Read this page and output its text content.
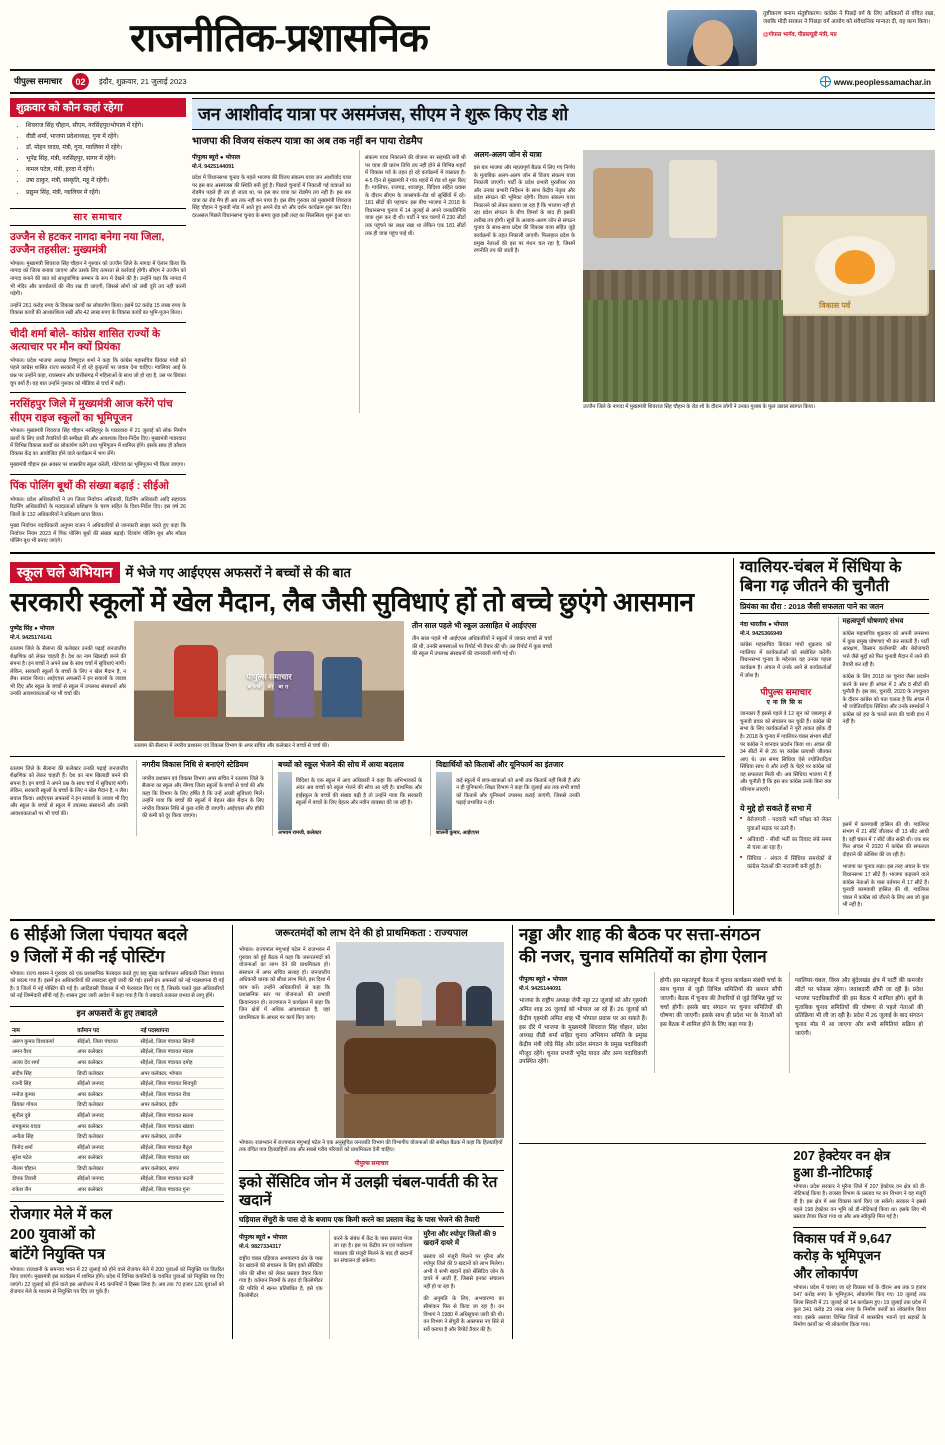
राजनीतिक-प्रशासनिक
तुष्टीकरण बनाम संतुष्टीकरण। कांग्रेस ने पिछड़े वर्ग के लिए अधिकारों से वंचित रखा, जबकि मोदी सरकार ने पिछड़ा वर्ग आयोग को संवैधानिक मान्यता दी, यह काम किया।
@गोपाल भार्गव, पीडब्ल्यूडी मंत्री, मप्र
पीपुल्स समाचार	02	इंदौर, शुक्रवार, 21 जुलाई 2023	www.peoplessamachar.in
शुक्रवार को कौन कहां रहेगा
• शिवराज सिंह चौहान, सीएम, नरसिंहपुर/भोपाल में रहेंगे।
• वीडी शर्मा, भाजपा प्रदेशाध्यक्ष, गुना में रहेंगे।
• डॉ. मोहन यादव, मंत्री, गुना, ग्वालियर में रहेंगे।
• भूपेंद्र सिंह, मंत्री, नरसिंहपुर, सागर में रहेंगे।
• कमल पटेल, मंत्री, हरदा में रहेंगे।
• उषा ठाकुर, मंत्री, संस्कृति, महू में रहेंगी।
• प्रद्युम्न सिंह, मंत्री, ग्वालियर में रहेंगे।
सार समाचार
उज्जैन से हटकर नागदा बनेगा नया जिला, उज्जैन तहसील: मुख्यमंत्री

भोपाल। मुख्यमंत्री शिवराज सिंह चौहान ने गुरुवार को उज्जैन जिले के नागदा में ऐलान किया कि नागदा को जिला बनाया जाएगा और उसके लिए तत्परता से कार्रवाई होगी। सीएम ने उज्जैन को नागदा बनाने की बात को साधुवाणिक सम्मान के रूप में देखने की है। उन्होंने कहा कि नागदा में भी मंदिर और कार्यालयों की नींव रख दी जाएगी, जिससे लोगों को लंबी दूरी तय नहीं करनी पड़ेगी।

उन्होंने 261 करोड़ रुपए के विकास कार्यों का लोकार्पण किया। इसमें 92 करोड़ 15 लाख रुपए के विकास कार्यों की आधारशिला रखी और 42 लाख रुपए के विकास कार्यों का भूमि-पूजन किया।

चीदी शर्मा बोले- कांग्रेस शासित राज्यों के अत्याचार पर मौन क्यों प्रियंका

भोपाल। प्रदेश भाजपा अध्यक्ष विष्णुदत्त शर्मा ने कहा कि कांग्रेस महासचिव प्रियंका गांधी को पहले कांग्रेस शासित राज्य सरकारों में हो रहे कुकृत्यों पर जवाब देना चाहिए। ग्वालियर आई के प्रश्न पर उन्होंने कहा, राजस्थान और छत्तीसगढ़ में महिलाओं के साथ जो हो रहा है, उस पर प्रियंका चुप क्यों हैं। यह बात उन्होंने गुरुवार को मीडिया से चर्चा में कही।

नरसिंहपुर जिले में मुख्यमंत्री आज करेंगे पांच सीएम राइज स्कूलों का भूमिपूजन

भोपाल। मुख्यमंत्री शिवराज सिंह चौहान नरसिंहपुर के गाडरवारा में 21 जुलाई को लोक निर्माण कार्यों के लिए जारी तैयारियों की समीक्षा की और आवश्यक दिशा-निर्देश दिए। मुख्यमंत्री गाडरवारा में विभिन्न विकास कार्यों का लोकार्पण करेंगे तथा भूमिपूजन में शामिल होंगे। इसके साथ ही कौशल विकास केंद्र का आयोजित होने वाले कार्यक्रम में भाग लेंगे।

मुख्यमंत्री चौहान इस अवसर पर शासकीय स्कूल करेली, गोटेगांव का भूमिपूजन भी किया जाएगा।

पिंक पोलिंग बूथों की संख्या बढ़ाई : सीईओ

भोपाल। प्रदेश अधिकारियों ने उप जिला निर्वाचन अधिकारी, रिटर्निंग अधिकारी आदि सहायक रिटर्निंग अधिकारियों के मतदाताओं प्रशिक्षण के चरण सहित के दिशा-निर्देश दिए। इस वर्ष 26 जिलों के 132 अधिकारियों ने प्रशिक्षण प्राप्त किया।

मुख्य निर्वाचन पदाधिकारी अनुपम राजन ने अधिकारियों से जानकारी साझा करते हुए कहा कि निर्वाचन नियम 2023 में पिंक पोलिंग बूथों की संख्या बढ़ाई। दिव्यांग पोलिंग बूथ और मॉडल पोलिंग बूथ भी बनाए जाएंगे।

जन आशीर्वाद यात्रा पर असमंजस, सीएम ने शुरू किए रोड शो
भाजपा की विजय संकल्प यात्रा का अब तक नहीं बन पाया रोडमैप
पीपुल्स ब्यूरो ● भोपाल
मो.नं. 9425144091

प्रदेश में विधानसभा चुनाव के पहले भाजपा की विजय संकल्प यात्रा जन आशीर्वाद यात्रा पर इस बार असमंजस की स्थिति बनी हुई है। पिछले चुनावों में निकाली गई यात्राओं का रोडमैप पहले ही तय हो जाता था, पर इस बार यात्रा का रोडमैप तय नहीं है। इस बार यात्रा का रोड मैप ही अब तक नहीं बन पाया है। इस बीच गुरुवार को मुख्यमंत्री शिवराज सिंह चौहान ने चुनावी मोड में आते हुए अपने रोड शो और दर्शन कार्यक्रम शुरू कर दिए। दरअसल पिछले विधानसभा चुनाव के समय कुछ इसी तरह का सिलसिला शुरू हुआ था।

संकल्प यात्रा निकालने की योजना पर सहमति बनी थी पर यात्रा की प्रारंभ तिथि तय नहीं होने से विभिन्न शहरों में विकास पर्व के तहत हो रहे कार्यक्रमों में व्यस्तता है। 4-5 दिन से मुख्यमंत्री ने गांव शहरों में रोड शो शुरू किए हैं। ग्वालियर, राजगढ़, शाजापुर, विदिशा सहित प्रवास के दौरान सीएम के जनसंपर्क-रोड शो सुर्खियों में रहे। 181 सीटों की पहचान: इस बीच भाजपा ने 2018 के विधानसभा चुनाव में 14 जुलाई से अपने जनप्रतिनिधि यात्रा शुरू कर दी थी। पार्टी ने चार चरणों में 230 सीटों तक पहुंचने का लक्ष्य रखा था लेकिन एक 181 सीटों तक ही यात्रा पहुंच पाई थी।

अलग-अलग जोन से यात्रा

इस बार भाजपा और महत्वपूर्ण बैठक में लिए गए निर्णय के मुताबिक अलग-अलग जोन से विजय संकल्प यात्रा निकाली जाएगी। पार्टी के प्रदेश प्रभारी मुरलीधर राव और उनका प्रभारी निर्देशन के साथ केंद्रीय नेतृत्व और प्रदेश संगठन की भूमिका रहेगी। विजय संकल्प यात्रा निकालने को लेकर बताया जा रहा है कि भाजपा नहीं हो रहा प्रदेश संगठन के बीच विमर्श के बाद ही इसकी तारीख तय होगी। सूत्रों के अलावा-अलग जोन से संगठन चुनाव के साथ-साथ प्रदेश की विकास यात्रा सहित जुड़े कार्यक्रमों के तहत निकाली जाएगी। फिलहाल प्रदेश के प्रमुख नेताओं की इस पर मंथन चल रहा है, जिसमें रणनीति तय की जाती है।

विकास पर्व
उज्जैन जिले के नागदा में मुख्यमंत्री शिवराज सिंह चौहान के रोड शो के दौरान लोगों ने उनका गुलाब के फूल उछाल स्वागत किया।
स्कूल चले अभियान	में भेजे गए आईएएस अफसरों ने बच्चों से की बात
सरकारी स्कूलों में खेल मैदान, लैब जैसी सुविधाएं हों तो बच्चे छुएंगे आसमान
पुष्पेंद्र सिंह ● भोपाल
मो.नं. 9425174141

रतलाम जिले के सैलाना की कलेक्टर उनकी पढ़ाई जनजातीय शैक्षणिक को लेकर चाहती हैं। देश का नाम खिलाड़ी बनने की सपना है। इन बच्चों ने अपने प्रश्न के साथ चर्चा में सुविधाएं मांगी। लेकिन, सरकारी स्कूलों के बच्चों के लिए न खेल मैदान है, न लैब। सवाल किया। आईएएस अफसरों ने इन सवालों के जवाब भी दिए और स्कूल के बच्चों से स्कूल में उपलब्ध संसाधनों और उनकी आवश्यकताओं पर भी चर्चा की।

पीपुल्स समाचार
बच्चों की बात
रतलाम की सैलाना में नगरीय प्रशासन एवं विकास विभाग के अपर सचिव और कलेक्टर ने बच्चों से चर्चा की।
तीन साल पहले भी स्कूल उत्साहित थे आईएएस

तीन साल पहले भी आईएएस अधिकारियों ने स्कूलों में जाकर बच्चों से चर्चा की थी, उनकी समस्याओं पर रिपोर्ट भी तैयार की थी। उस रिपोर्ट में कुछ बच्चों की स्कूल में उपलब्ध संसाधनों की जानकारी मांगी गई थी।

रतलाम जिले के सैलाना की कलेक्टर उनकी पढ़ाई जनजातीय शैक्षणिक को लेकर चाहती हैं। देश का नाम खिलाड़ी बनने की सपना है। इन बच्चों ने अपने प्रश्न के साथ चर्चा में सुविधाएं मांगी। लेकिन, सरकारी स्कूलों के बच्चों के लिए न खेल मैदान है, न लैब। सवाल किया। आईएएस अफसरों ने इन सवालों के जवाब भी दिए और स्कूल के बच्चों से स्कूल में उपलब्ध संसाधनों और उनकी आवश्यकताओं पर भी चर्चा की।

नगरीय विकास निधि से बनाएंगे स्टेडियम

नगरीय प्रशासन एवं विकास विभाग अपर सचिव ने रतलाम जिले के सैलाना का स्कूल और नीमच जिला स्कूलों के बच्चों से चर्चा की और कहा कि विभाग के लिए हर्षित है कि उन्हें अच्छी सुविधाएं मिलें। उन्होंने पाया कि बच्चों की स्कूलों में बेहतर खेल मैदान के लिए नगरीय विकास निधि से कुछ राशि दी जाएगी। आईएएस और हॉकी की कमी को दूर किया जाएगा।

बच्चों को स्कूल भेजने की सोच में आया बदलाव

विदिशा के एक स्कूल में आए अधिकारी ने कहा कि अभिभावकों के अंदर अब बच्चों को स्कूल भेजने की सोच आ रही है। प्राथमिक और हाईस्कूल के बच्चों की संख्या बढ़ी है तो उन्होंने पाया कि सरकारी स्कूलों में बच्चों के लिए बेहतर और नवीन व्यवस्था की जा रही है।

अभयम रामजी, कलेक्टर
विद्यार्थियों को किताबों और यूनिफार्म का इंतजार

कई स्कूलों में छात्र-छात्राओं को अभी तक किताबें नहीं मिली हैं और न ही यूनिफार्म। शिक्षा विभाग ने कहा कि जुलाई अंत तक सभी बच्चों को किताबें और यूनिफार्म उपलब्ध कराई जाएंगी, जिससे उनकी पढ़ाई प्रभावित न हो।

शालनी कुमार, आईएएस
ग्वालियर-चंबल में सिंधिया के बिना गढ़ जीतने की चुनौती
प्रियंका का दौरा : 2018 जैसी सफलता पाने का जतन
नंदा भारतीय ● भोपाल
मो.नं. 9425366949

कांग्रेस महासचिव प्रियंका गांधी शुक्रवार को ग्वालियर में कार्यकर्ताओं को संबोधित करेंगी। विधानसभा चुनाव के मद्देनजर यह उनका पहला कार्यक्रम है। अंचल में उनके आने से कार्यकर्ताओं में जोश है।

पीपुल्स समाचार
एनालिसिस

जानकार हैं इससे पहले वे 12 जून को जबलपुर से चुनावी प्रचार को संचालन कर चुकी हैं। कांग्रेस की सभा के लिए कार्यकर्ताओं ने पूरी ताकत झोंक दी है। 2018 के चुनाव में ग्वालियर-चंबल संभाग सीटों पर कांग्रेस ने शानदार प्रदर्शन किया था। अंचल की 34 सीटों में से 26 पर कांग्रेस प्रत्याशी जीतकर आए थे। उस समय सिंधिया ऐसे ज्योतिरादित्य सिंधिया साथ थे और उन्हीं के चेहरे पर कांग्रेस को यह सफलता मिली थी। अब सिंधिया भाजपा में हैं और चुनौती है कि इस बार कांग्रेस उनके बिना क्या परिणाम लाएगी।

महत्वपूर्ण घोषणाएं संभव

कांग्रेस महासचिव शुक्रवार को अपनी जनसभा में कुछ प्रमुख घोषणाएं भी कर सकती हैं। पार्टी आरक्षण, किसान कर्जमाफी और बेरोजगारी भत्ते जैसे मुद्दों को फिर चुनावी मैदान में लाने की तैयारी कर रही है।

कांग्रेस के लिए 2018 का चुनाव जैसा प्रदर्शन करने के साथ ही अंचल में 2 और 8 सीटों की चुनौती है। इस बार, चुनावी, 2020 के उपचुनाव के दौरान कांग्रेस को पता चलता है कि अंचल में भी ज्योतिरादित्य सिंधिया और उनके समर्थकों ने कांग्रेस को हरा के चलते सत्ता की चाबी हाथ में नहीं है।

ये मुद्दे हो सकते हैं सभा में
■ बेरोजगारी - पदवारी भर्ती परीक्षा को लेकर युवाओं सड़क पर उतरे हैं।
■ अविवादी - सीधी भर्ती का विवाद लंबे समय से चला आ रहा है।
■ सिंधिया - अंचल में सिंधिया समर्थकों से कांग्रेस नेताओं की नाराजगी बनी हुई है।

इसमें में कामयाबी हासिल की थी। ग्वालियर संभाग में 21 सीटें जीतकर थी 13 सीट आधी है। वहीं चंबल में 7 सीटें जीत सकी थी। एक बार फिर अंचल में 2020 में कांग्रेस की सफलता दोहराने की कोशिश की जा रही है।

भाजपा का चुनाव लड़ा। इस तरह अंचल के चार विधानसभा 17 सीटें हैं। भाजपा कहलाने वाले कांग्रेस नेताओं के पास वर्तमान में 17 सीटें हैं। चुनावी कामयाबी हासिल की थी, ग्वालियर चंबल में कांग्रेस को जीतने के लिए अब जो कुछ भी नहीं है।

6 सीईओ जिला पंचायत बदले
9 जिलों में की नई पोस्टिंग

भोपाल। राज्य शासन ने गुरुवार को एक प्रशासनिक फेरबदल करते हुए छह मुख्य कार्यपालन अधिकारी जिला पंचायत को बदला गया है। इसमें इन अधिकारियों की तबादला सूची जारी की गई। इसमें इन अफसरों को नई पदस्थापना दी गई है। 9 जिलों में नई पोस्टिंग की गई है। आदिवासी विकास में भी फेरबदल किए गए हैं, जिसके चलते कुछ अधिकारियों को नई जिम्मेदारी सौंपी गई है। शासन द्वारा जारी आदेश में कहा गया है कि ये तबादले तत्काल प्रभाव से लागू होंगे।

इन अफसरों के हुए तबादले
नाम	वर्तमान पद	नई पदस्थापना
अरुण कुमार विश्वकर्मा	सीईओ, जिला पंचायत	सीईओ, जिला पंचायत सिवनी
अमन वैश्य	अपर कलेक्टर	सीईओ, जिला पंचायत मंडला
अजय देव शर्मा	अपर कलेक्टर	सीईओ, जिला पंचायत दमोह
संदीप सिंह	डिप्टी कलेक्टर	अपर कलेक्टर, भोपाल
रजनी सिंह	सीईओ जनपद	सीईओ, जिला पंचायत शिवपुरी
मनोज कुमार	अपर कलेक्टर	सीईओ, जिला पंचायत रीवा
प्रियंका गोयल	डिप्टी कलेक्टर	अपर कलेक्टर, इंदौर
सुनील दुबे	सीईओ जनपद	सीईओ, जिला पंचायत सतना
रामकुमार यादव	अपर कलेक्टर	सीईओ, जिला पंचायत खंडवा
अनीता सिंह	डिप्टी कलेक्टर	अपर कलेक्टर, उज्जैन
विनोद शर्मा	सीईओ जनपद	सीईओ, जिला पंचायत बैतूल
सुरेश पटेल	अपर कलेक्टर	सीईओ, जिला पंचायत धार
नीलम चौहान	डिप्टी कलेक्टर	अपर कलेक्टर, सागर
दीपक तिवारी	सीईओ जनपद	सीईओ, जिला पंचायत कटनी
राकेश जैन	अपर कलेक्टर	सीईओ, जिला पंचायत गुना
रोजगार मेले में कल
200 युवाओं को
बांटेंगे नियुक्ति पत्र

भोपाल। राजधानी के समन्वय भवन में 22 जुलाई को होने वाले रोजगार मेले में 200 युवाओं को नियुक्ति पत्र वितरित किए जाएंगे। मुख्यमंत्री इस कार्यक्रम में शामिल होंगे। प्रदेश में विभिन्न कंपनियों के चयनित युवाओं को नियुक्ति पत्र दिए जाएंगे। 22 जुलाई को होने वाले इस आयोजन में 45 कंपनियों ने हिस्सा लिया है। अब तक 70 हजार 126 युवाओं को रोजगार मेले के माध्यम से नियुक्ति पत्र दिए जा चुके हैं।

जरूरतमंदों को लाभ देने की हो प्राथमिकता : राज्यपाल

भोपाल। राज्यपाल मंगुभाई पटेल ने राजभवन में गुरुवार को हुई बैठक में कहा कि जरूरतमंदों को योजनाओं का लाभ देने की प्राथमिकता हो। संसाधन में अपर सचिव सलाह हो। जनजातीय अधिकारी धारक को सीधा लाभ मिले, इस दिशा में काम करें। उन्होंने अधिकारियों से कहा कि प्रशासनिक स्तर पर योजनाओं की प्रभावी क्रियान्वयन हो। राज्यपाल ने कार्यक्रम में कहा कि जिन क्षेत्रों में अधिक आवश्यकता है, वहां प्राथमिकता के आधार पर कार्य किए जाएं।

भोपाल। राजभवन में राज्यपाल मंगुभाई पटेल ने एक अनुसूचित जनजाति विभाग की विभागीय योजनाओं की समीक्षा बैठक में कहा कि हितग्राहियों तक वंचित पात्र हितग्राहियों तक और सबसे गरीब परिवारों को प्राथमिकता देनी चाहिए।
पीपुल्स समाचार
इको सेंसिटिव जोन में उलझी चंबल-पार्वती की रेत खदानें
घड़ियाल सेंचुरी के पास दो के बजाय एक किमी करने का प्रस्ताव केंद्र के पास भेजने की तैयारी
पीपुल्स ब्यूरो ● भोपाल
मो.नं. 9827334317

राष्ट्रीय चंबल घड़ियाल अभयारण्य क्षेत्र के पास रेत खदानों की संचालन के लिए इको सेंसिटिव जोन की सीमा को लेकर प्रस्ताव तैयार किया गया है। वर्तमान नियमों के तहत दो किलोमीटर की परिधि में खनन प्रतिबंधित है, इसे एक किलोमीटर

करने के संबंध में केंद्र के पास प्रस्ताव भेजा जा रहा है। इस पर केंद्रीय वन एवं पर्यावरण मंत्रालय की मंजूरी मिलने के बाद ही खदानों का संचालन हो सकेगा।

मुरैना और श्योपुर जिलों की 9 खदानें दायरे में

प्रस्ताव को मंजूरी मिलने पर मुरैना और श्योपुर जिले की 9 खदानों को लाभ मिलेगा। अभी ये सभी खदानें इको सेंसिटिव जोन के दायरे में आती हैं, जिससे इनका संचालन नहीं हो पा रहा है।

की अनुमति के लिए, अभयारण्य का सीमांकन फिर से किया जा रहा है। वन विभाग ने 1980 में अधिसूचना जारी की थी। वन विभाग ने सेंचुरी के आसपास नए सिरे से सर्वे कराया है और रिपोर्ट तैयार की है।

नड्डा और शाह की बैठक पर सत्ता-संगठन
की नजर, चुनाव समितियों का होगा ऐलान
पीपुल्स ब्यूरो ● भोपाल
मो.नं. 9425144091

भाजपा के राष्ट्रीय अध्यक्ष जेपी नड्डा 22 जुलाई को और गृहमंत्री अमित शाह 26 जुलाई को भोपाल आ रहे हैं। 26 जुलाई को केंद्रीय गृहमंत्री अमित शाह भी भोपाल प्रवास पर आ सकते हैं। इस दौरे में भाजपा के मुख्यमंत्री शिवराज सिंह चौहान, प्रदेश अध्यक्ष वीडी शर्मा सहित चुनाव अभियान समिति के प्रमुख केंद्रीय मंत्री जोड़े सिंह और प्रदेश संगठन के प्रमुख पदाधिकारी मौजूद रहेंगे। चुनाव प्रभारी भूपेंद्र यादव और अन्य पदाधिकारी उपस्थित रहेंगे।

होगी। इस महत्वपूर्ण बैठक में चुनाव कार्यक्रम संबंधी चर्चा के साथ चुनाव से जुड़ी विभिन्न समितियों की कमान सौंपी जाएगी। बैठक में चुनाव की तैयारियों से जुड़े विभिन्न मुद्दों पर चर्चा होगी। इसके बाद संगठन पर चुनाव समितियों की घोषणा की जाएगी। इसके साथ ही प्रदेश भर के नेताओं को इस बैठक में शामिल होने के लिए कहा गया है।

ग्वालियर-चंबल, विंध्य और बुंदेलखंड क्षेत्र में पार्टी की कमजोर सीटों पर फोकस रहेगा। जवाबदारी सौंपी जा रही है। प्रदेश भाजपा पदाधिकारियों की इस बैठक में शामिल होंगे। सूत्रों के मुताबिक चुनाव समितियों की घोषणा से पहले नेताओं की प्रतिक्रिया भी ली जा रही है। प्रदेश में 26 जुलाई के बाद संगठन चुनाव मोड में आ जाएगा और सभी समितियां सक्रिय हो जाएंगी।

207 हेक्टेयर वन क्षेत्र
हुआ डी-नोटिफाई

भोपाल। प्रदेश सरकार ने मुरैना जिले में 207 हेक्टेयर वन क्षेत्र को डी-नोटिफाई किया है। राजस्व विभाग के प्रस्ताव पर वन विभाग ने यह मंजूरी दी है। इस क्षेत्र में अब विकास कार्य किए जा सकेंगे। सरकार ने इससे पहले 198 हेक्टेयर वन भूमि को डी-नोटिफाई किया था। इसके लिए भी प्रस्ताव तैयार किया गया था और अब स्वीकृति मिल गई है।

विकास पर्व में 9,647
करोड़ के भूमिपूजन
और लोकार्पण

भोपाल। प्रदेश में चलाए जा रहे विकास पर्व के दौरान अब तक 9 हजार 647 करोड़ रुपए के भूमिपूजन, लोकार्पण किए गए। 19 जुलाई तक जिला सिवनी में 21 जुलाई को 14 कार्यक्रम हुए। 19 जुलाई तक प्रदेश में कुल 341 करोड़ 29 लाख रुपए के निर्माण कार्यों का लोकार्पण किया गया। इसके अलावा विभिन्न जिलों में शासकीय भवनों एवं सड़कों के निर्माण कार्यों का भी लोकार्पण किया गया।
